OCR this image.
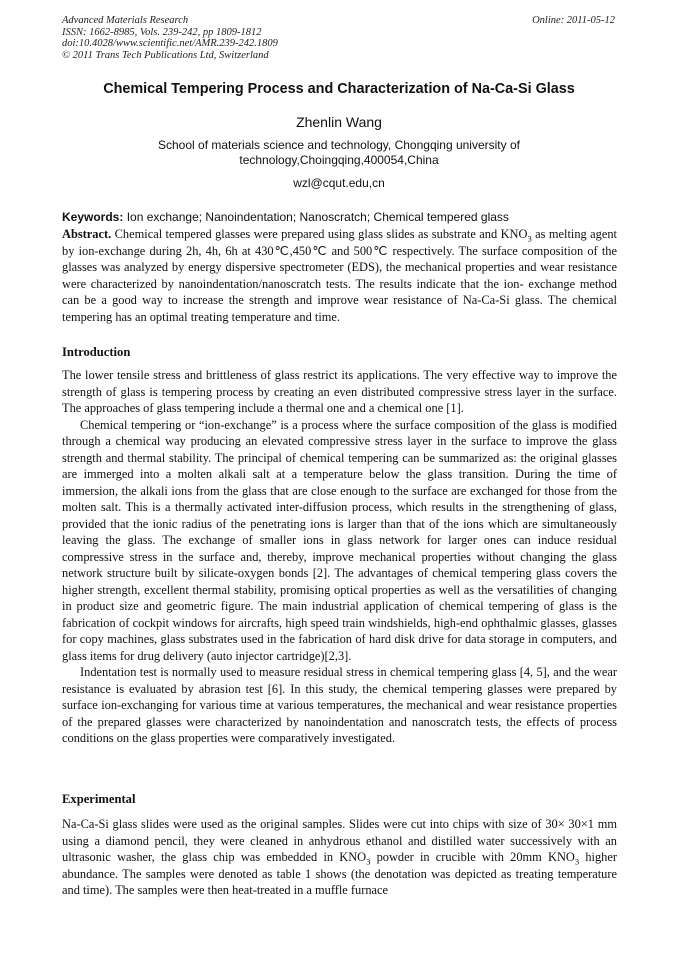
Advanced Materials Research
ISSN: 1662-8985, Vols. 239-242, pp 1809-1812
doi:10.4028/www.scientific.net/AMR.239-242.1809
© 2011 Trans Tech Publications Ltd, Switzerland
Online: 2011-05-12
Chemical Tempering Process and Characterization of Na-Ca-Si Glass
Zhenlin Wang
School of materials science and technology, Chongqing university of
technology,Choingqing,400054,China
wzl@cqut.edu,cn
Keywords: Ion exchange; Nanoindentation; Nanoscratch; Chemical tempered glass
Abstract. Chemical tempered glasses were prepared using glass slides as substrate and $KNO_3$ as melting agent by ion-exchange during 2h, 4h, 6h at 430℃,450℃ and 500℃ respectively. The surface composition of the glasses was analyzed by energy dispersive spectrometer (EDS), the mechanical properties and wear resistance were characterized by nanoindentation/nanoscratch tests. The results indicate that the ion- exchange method can be a good way to increase the strength and improve wear resistance of Na-Ca-Si glass. The chemical tempering has an optimal treating temperature and time.
Introduction

The lower tensile stress and brittleness of glass restrict its applications. The very effective way to improve the strength of glass is tempering process by creating an even distributed compressive stress layer in the surface. The approaches of glass tempering include a thermal one and a chemical one [1].

Chemical tempering or “ion-exchange” is a process where the surface composition of the glass is modified through a chemical way producing an elevated compressive stress layer in the surface to improve the glass strength and thermal stability. The principal of chemical tempering can be summarized as: the original glasses are immerged into a molten alkali salt at a temperature below the glass transition. During the time of immersion, the alkali ions from the glass that are close enough to the surface are exchanged for those from the molten salt. This is a thermally activated inter-diffusion process, which results in the strengthening of glass, provided that the ionic radius of the penetrating ions is larger than that of the ions which are simultaneously leaving the glass. The exchange of smaller ions in glass network for larger ones can induce residual compressive stress in the surface and, thereby, improve mechanical properties without changing the glass network structure built by silicate-oxygen bonds [2]. The advantages of chemical tempering glass covers the higher strength, excellent thermal stability, promising optical properties as well as the versatilities of changing in product size and geometric figure. The main industrial application of chemical tempering of glass is the fabrication of cockpit windows for aircrafts, high speed train windshields, high-end ophthalmic glasses, glasses for copy machines, glass substrates used in the fabrication of hard disk drive for data storage in computers, and glass items for drug delivery (auto injector cartridge)[2,3].

Indentation test is normally used to measure residual stress in chemical tempering glass [4, 5], and the wear resistance is evaluated by abrasion test [6]. In this study, the chemical tempering glasses were prepared by surface ion-exchanging for various time at various temperatures, the mechanical and wear resistance properties of the prepared glasses were characterized by nanoindentation and nanoscratch tests, the effects of process conditions on the glass properties were comparatively investigated.

Experimental

Na-Ca-Si glass slides were used as the original samples. Slides were cut into chips with size of 30× 30×1 mm using a diamond pencil, they were cleaned in anhydrous ethanol and distilled water successively with an ultrasonic washer, the glass chip was embedded in $KNO_3$ powder in crucible with 20mm $KNO_3$ higher abundance. The samples were denoted as table 1 shows (the denotation was depicted as treating temperature and time). The samples were then heat-treated in a muffle furnace
